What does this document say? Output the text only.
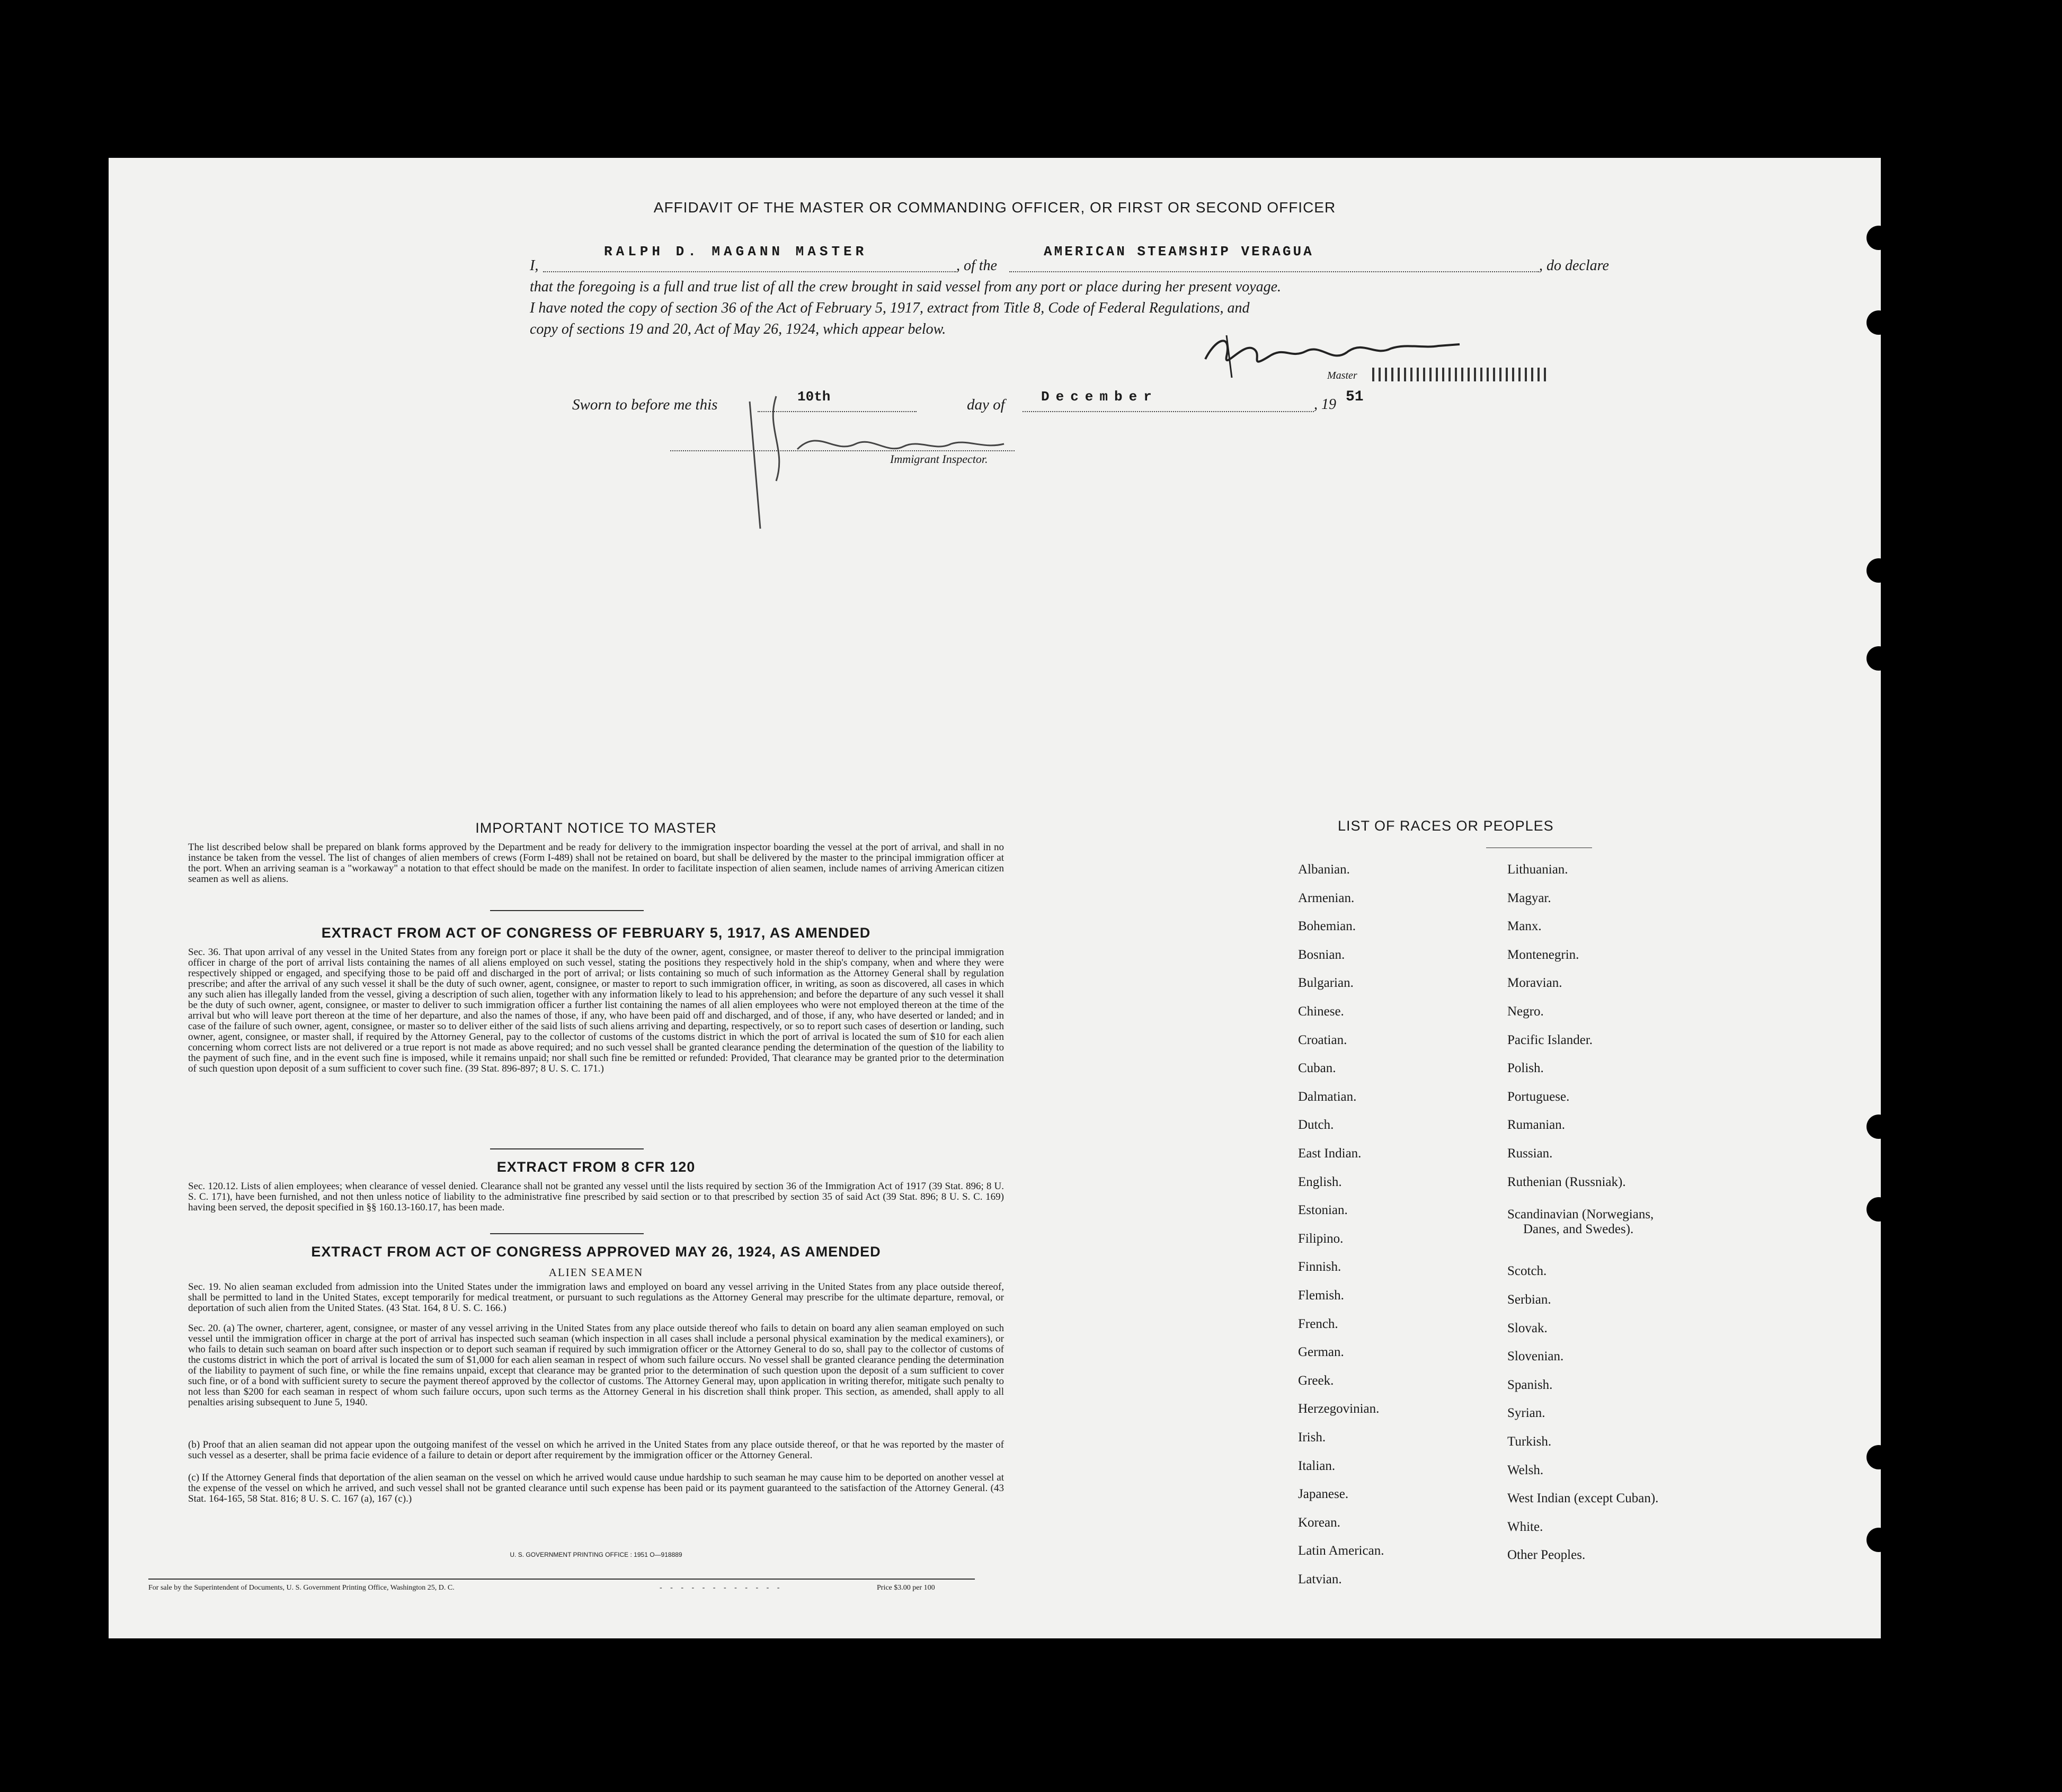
AFFIDAVIT OF THE MASTER OR COMMANDING OFFICER, OR FIRST OR SECOND OFFICER
I,
RALPH D. MAGANN MASTER
, of the
AMERICAN STEAMSHIP VERAGUA
, do declare
that the foregoing is a full and true list of all the crew brought in said vessel from any port or place during her present voyage.
I have noted the copy of section 36 of the Act of February 5, 1917, extract from Title 8, Code of Federal Regulations, and
copy of sections 19 and 20, Act of May 26, 1924, which appear below.
Master
Sworn to before me this	10th	day of	December	, 19 51
Immigrant Inspector.
IMPORTANT NOTICE TO MASTER
The list described below shall be prepared on blank forms approved by the Department and be ready for delivery to the immigration inspector boarding the vessel at the port of arrival, and shall in no instance be taken from the vessel. The list of changes of alien members of crews (Form I-489) shall not be retained on board, but shall be delivered by the master to the principal immigration officer at the port. When an arriving seaman is a "workaway" a notation to that effect should be made on the manifest. In order to facilitate inspection of alien seamen, include names of arriving American citizen seamen as well as aliens.
EXTRACT FROM ACT OF CONGRESS OF FEBRUARY 5, 1917, AS AMENDED
Sec. 36. That upon arrival of any vessel in the United States from any foreign port or place it shall be the duty of the owner, agent, consignee, or master thereof to deliver to the principal immigration officer in charge of the port of arrival lists containing the names of all aliens employed on such vessel, stating the positions they respectively hold in the ship's company, when and where they were respectively shipped or engaged, and specifying those to be paid off and discharged in the port of arrival; or lists containing so much of such information as the Attorney General shall by regulation prescribe; and after the arrival of any such vessel it shall be the duty of such owner, agent, consignee, or master to report to such immigration officer, in writing, as soon as discovered, all cases in which any such alien has illegally landed from the vessel, giving a description of such alien, together with any information likely to lead to his apprehension; and before the departure of any such vessel it shall be the duty of such owner, agent, consignee, or master to deliver to such immigration officer a further list containing the names of all alien employees who were not employed thereon at the time of the arrival but who will leave port thereon at the time of her departure, and also the names of those, if any, who have been paid off and discharged, and of those, if any, who have deserted or landed; and in case of the failure of such owner, agent, consignee, or master so to deliver either of the said lists of such aliens arriving and departing, respectively, or so to report such cases of desertion or landing, such owner, agent, consignee, or master shall, if required by the Attorney General, pay to the collector of customs of the customs district in which the port of arrival is located the sum of $10 for each alien concerning whom correct lists are not delivered or a true report is not made as above required; and no such vessel shall be granted clearance pending the determination of the question of the liability to the payment of such fine, and in the event such fine is imposed, while it remains unpaid; nor shall such fine be remitted or refunded: Provided, That clearance may be granted prior to the determination of such question upon deposit of a sum sufficient to cover such fine. (39 Stat. 896-897; 8 U. S. C. 171.)
EXTRACT FROM 8 CFR 120
Sec. 120.12. Lists of alien employees; when clearance of vessel denied. Clearance shall not be granted any vessel until the lists required by section 36 of the Immigration Act of 1917 (39 Stat. 896; 8 U. S. C. 171), have been furnished, and not then unless notice of liability to the administrative fine prescribed by said section or to that prescribed by section 35 of said Act (39 Stat. 896; 8 U. S. C. 169) having been served, the deposit specified in §§ 160.13-160.17, has been made.
EXTRACT FROM ACT OF CONGRESS APPROVED MAY 26, 1924, AS AMENDED
ALIEN SEAMEN
Sec. 19. No alien seaman excluded from admission into the United States under the immigration laws and employed on board any vessel arriving in the United States from any place outside thereof, shall be permitted to land in the United States, except temporarily for medical treatment, or pursuant to such regulations as the Attorney General may prescribe for the ultimate departure, removal, or deportation of such alien from the United States. (43 Stat. 164, 8 U. S. C. 166.)
Sec. 20. (a) The owner, charterer, agent, consignee, or master of any vessel arriving in the United States from any place outside thereof who fails to detain on board any alien seaman employed on such vessel until the immigration officer in charge at the port of arrival has inspected such seaman (which inspection in all cases shall include a personal physical examination by the medical examiners), or who fails to detain such seaman on board after such inspection or to deport such seaman if required by such immigration officer or the Attorney General to do so, shall pay to the collector of customs of the customs district in which the port of arrival is located the sum of $1,000 for each alien seaman in respect of whom such failure occurs. No vessel shall be granted clearance pending the determination of the liability to payment of such fine, or while the fine remains unpaid, except that clearance may be granted prior to the determination of such question upon the deposit of a sum sufficient to cover such fine, or of a bond with sufficient surety to secure the payment thereof approved by the collector of customs. The Attorney General may, upon application in writing therefor, mitigate such penalty to not less than $200 for each seaman in respect of whom such failure occurs, upon such terms as the Attorney General in his discretion shall think proper. This section, as amended, shall apply to all penalties arising subsequent to June 5, 1940.
(b) Proof that an alien seaman did not appear upon the outgoing manifest of the vessel on which he arrived in the United States from any place outside thereof, or that he was reported by the master of such vessel as a deserter, shall be prima facie evidence of a failure to detain or deport after requirement by the immigration officer or the Attorney General.
(c) If the Attorney General finds that deportation of the alien seaman on the vessel on which he arrived would cause undue hardship to such seaman he may cause him to be deported on another vessel at the expense of the vessel on which he arrived, and such vessel shall not be granted clearance until such expense has been paid or its payment guaranteed to the satisfaction of the Attorney General. (43 Stat. 164-165, 58 Stat. 816; 8 U. S. C. 167 (a), 167 (c).)
U. S. GOVERNMENT PRINTING OFFICE : 1951 O—918889
For sale by the Superintendent of Documents, U. S. Government Printing Office, Washington 25, D. C.	- - - - - - - - - - - -	Price $3.00 per 100
LIST OF RACES OR PEOPLES
Albanian.
Armenian.
Bohemian.
Bosnian.
Bulgarian.
Chinese.
Croatian.
Cuban.
Dalmatian.
Dutch.
East Indian.
English.
Estonian.
Filipino.
Finnish.
Flemish.
French.
German.
Greek.
Herzegovinian.
Irish.
Italian.
Japanese.
Korean.
Latin American.
Latvian.
Lithuanian.
Magyar.
Manx.
Montenegrin.
Moravian.
Negro.
Pacific Islander.
Polish.
Portuguese.
Rumanian.
Russian.
Ruthenian (Russniak).
Scandinavian (Norwegians,
Danes, and Swedes).
Scotch.
Serbian.
Slovak.
Slovenian.
Spanish.
Syrian.
Turkish.
Welsh.
West Indian (except Cuban).
White.
Other Peoples.
